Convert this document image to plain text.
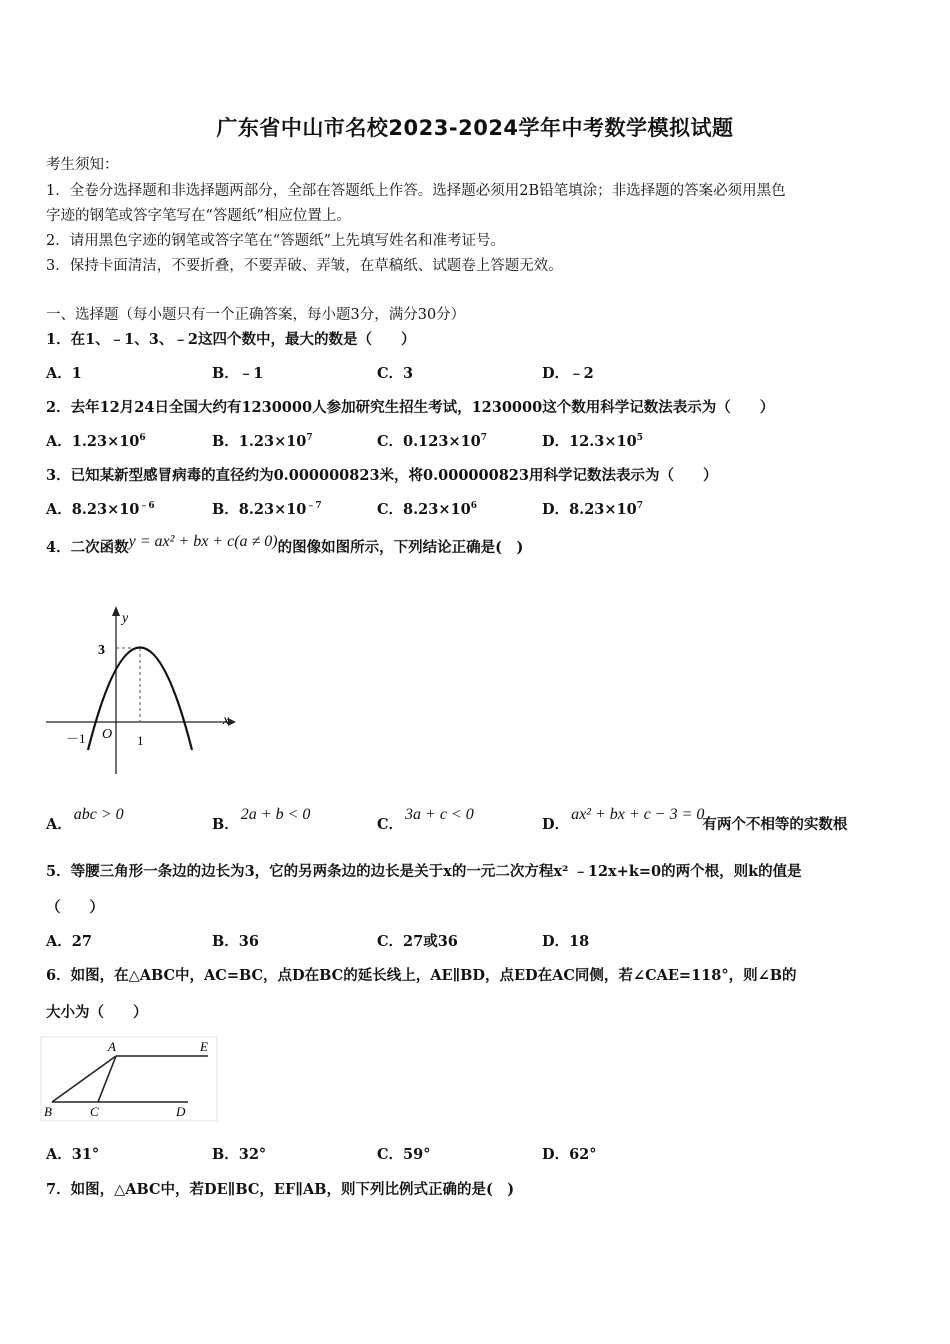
广东省中山市名校2023-2024学年中考数学模拟试题
考生须知：
1．全卷分选择题和非选择题两部分，全部在答题纸上作答。选择题必须用2B铅笔填涂；非选择题的答案必须用黑色
字迹的钢笔或答字笔写在“答题纸”相应位置上。
2．请用黑色字迹的钢笔或答字笔在“答题纸”上先填写姓名和准考证号。
3．保持卡面清洁，不要折叠，不要弄破、弄皱，在草稿纸、试题卷上答题无效。
一、选择题（每小题只有一个正确答案，每小题3分，满分30分）
1．在1、﹣1、3、﹣2这四个数中，最大的数是（　　）
A．1	B．﹣1	C．3	D．﹣2
2．去年12月24日全国大约有1230000人参加研究生招生考试，1230000这个数用科学记数法表示为（　　）
A．$1.23\times 10^6$	B．$1.23\times 10^7$	C．$0.123\times 10^7$	D．$12.3\times 10^5$
3．已知某新型感冒病毒的直径约为0.000000823米，将0.000000823用科学记数法表示为（　　）
A．$8.23\times 10^{﹣6}$	B．$8.23\times 10^{﹣7}$	C．$8.23\times 10^6$	D．$8.23\times 10^7$
4．二次函数y = ax² + bx + c(a ≠ 0)的图像如图所示，下列结论正确是(　)
y
x
3
O 1
－1
A．abc > 0
B．2a + b < 0
C．3a + c < 0
D．ax² + bx + c − 3 = 0有两个不相等的实数根
5．等腰三角形一条边的边长为3，它的另两条边的边长是关于x的一元二次方程x² ﹣12x+k=0的两个根，则k的值是
（　　）
A．27	B．36	C．27或36	D．18
6．如图，在△ABC中，AC=BC，点D在BC的延长线上，AE∥BD，点ED在AC同侧，若∠CAE=118°，则∠B的
大小为（　　）
A	E
B	C	D
A．31°	B．32°	C．59°	D．62°
7．如图，△ABC中，若DE∥BC，EF∥AB，则下列比例式正确的是(　)
